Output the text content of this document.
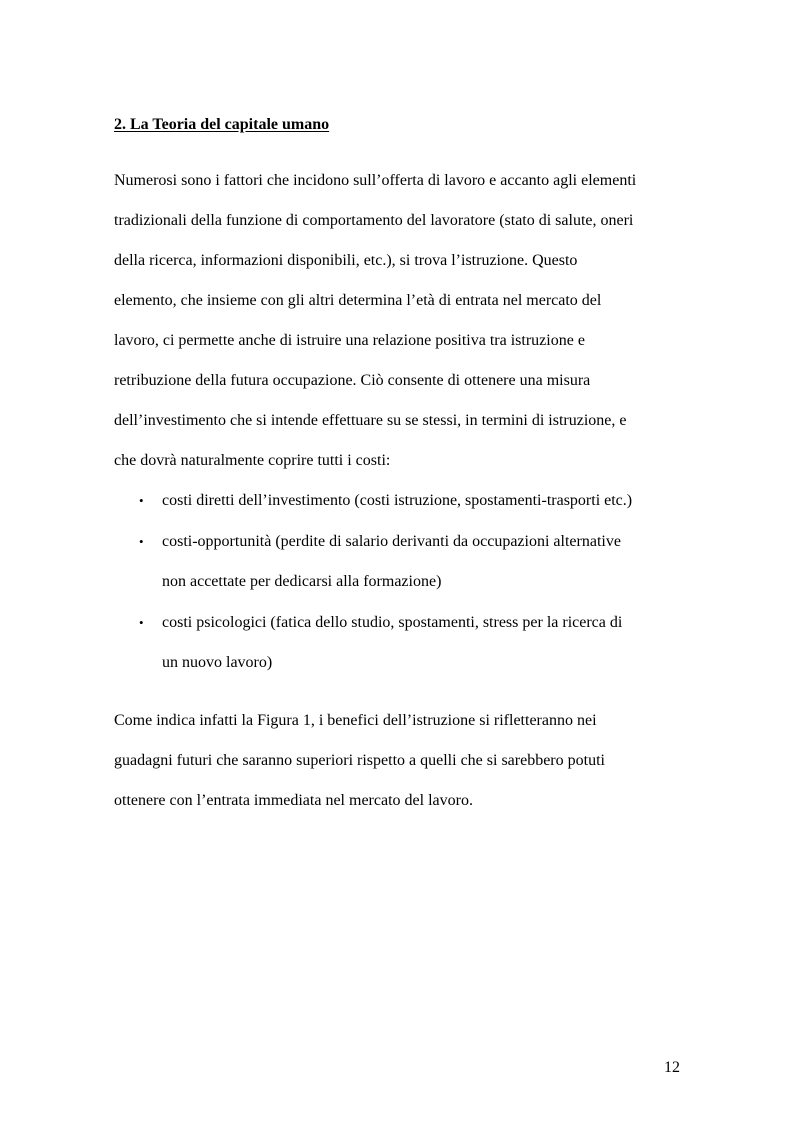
2. La Teoria del capitale umano

Numerosi sono i fattori che incidono sull’offerta di lavoro e accanto agli elementi

tradizionali della funzione di comportamento del lavoratore (stato di salute, oneri

della ricerca, informazioni disponibili, etc.), si trova l’istruzione. Questo

elemento, che insieme con gli altri determina l’età di entrata nel mercato del

lavoro, ci permette anche di istruire una relazione positiva tra istruzione e

retribuzione della futura occupazione. Ciò consente di ottenere una misura

dell’investimento che si intende effettuare su se stessi, in termini di istruzione, e

che dovrà naturalmente coprire tutti i costi:

• costi diretti dell’investimento (costi istruzione, spostamenti-trasporti etc.)

• costi-opportunità (perdite di salario derivanti da occupazioni alternative

non accettate per dedicarsi alla formazione)

• costi psicologici (fatica dello studio, spostamenti, stress per la ricerca di

un nuovo lavoro)

Come indica infatti la Figura 1, i benefici dell’istruzione si rifletteranno nei

guadagni futuri che saranno superiori rispetto a quelli che si sarebbero potuti

ottenere con l’entrata immediata nel mercato del lavoro.

12
